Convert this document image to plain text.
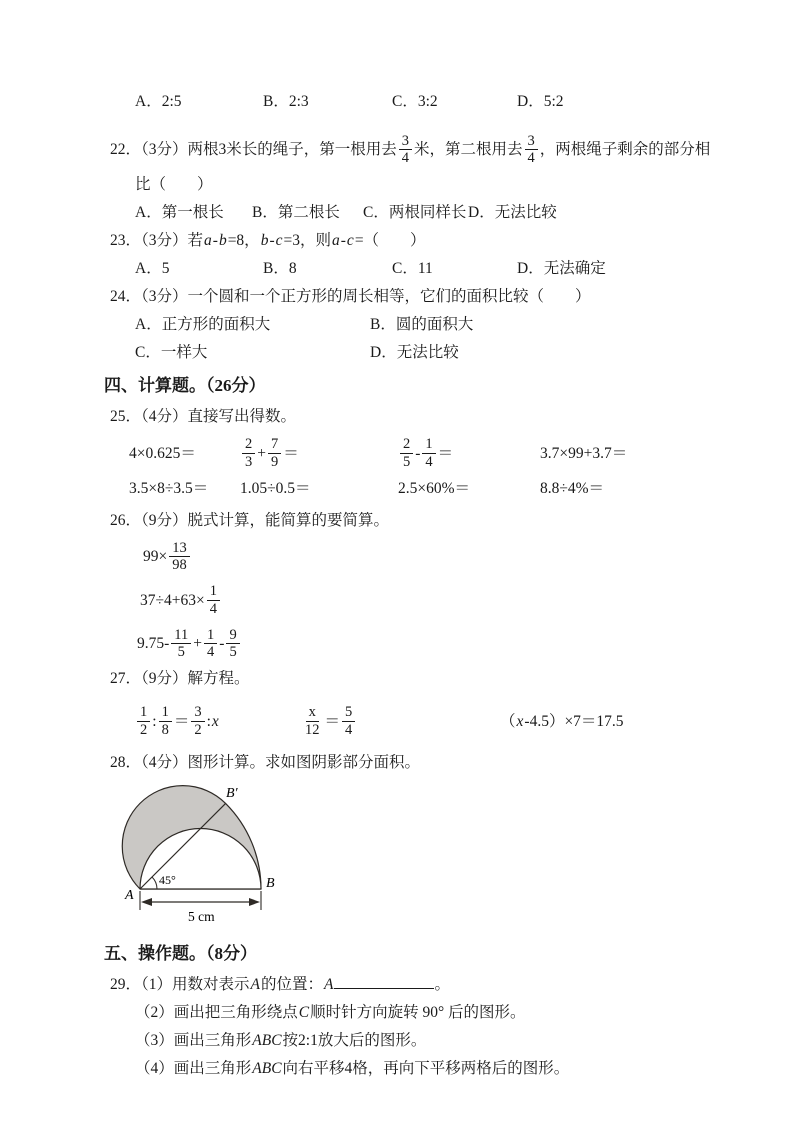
A．2:5	B．2:3	C．3:2	D．5:2
22．（3分）两根3米长的绳子，第一根用去 $\frac{3}{4}$ 米，第二根用去 $\frac{3}{4}$ ，两根绳子剩余的部分相
比（　　）
A．第一根长	B．第二根长	C．两根同样长 D．无法比较
23．（3分）若a-b=8，b-c=3，则a-c=（　　）
A．5	B．8	C．11	D．无法确定
24．（3分）一个圆和一个正方形的周长相等，它们的面积比较（　　）
A．正方形的面积大	B．圆的面积大
C．一样大	D．无法比较
四、计算题。（26分）
25．（4分）直接写出得数。
4×0.625＝	$\frac{2}{3} + \frac{7}{9}$ ＝	$\frac{2}{5} - \frac{1}{4}$ ＝	3.7×99+3.7＝
3.5×8÷3.5＝	1.05÷0.5＝	2.5×60%＝	8.8÷4%＝
26．（9分）脱式计算，能简算的要简算。
$99\times \frac{13}{98}$
$37\div 4+63\times \frac{1}{4}$
$9.75- \frac{11}{5} + \frac{1}{4} - \frac{9}{5}$
27．（9分）解方程。
$\frac{1}{2}$ : $\frac{1}{8} = \frac{3}{2}$ : x	$\frac{x}{12} = \frac{5}{4}$	（ x -4.5）×7＝17.5
28．（4分）图形计算。求如图阴影部分面积。
45°
5 cm
A
B
B′
五、操作题。（8分）
29．（1）用数对表示A的位置：A	。
（2）画出把三角形绕点C顺时针方向旋转 90° 后的图形。
（3）画出三角形ABC按2:1放大后的图形。
（4）画出三角形ABC向右平移4格，再向下平移两格后的图形。
